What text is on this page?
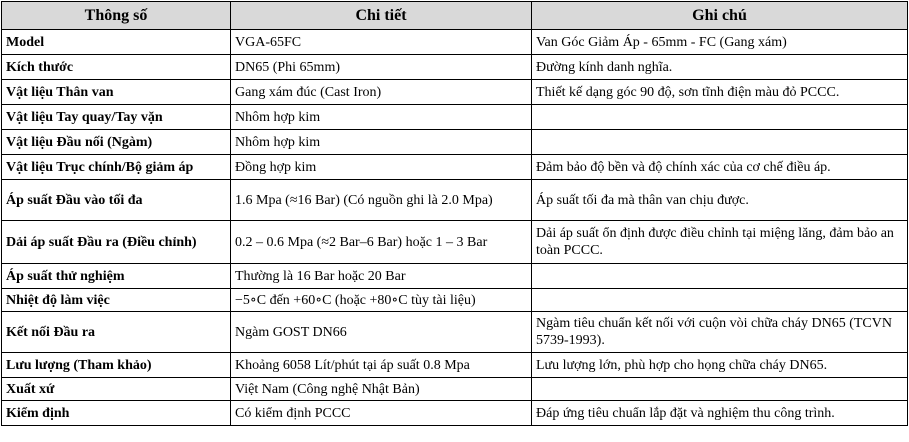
Thông số	Chi tiết	Ghi chú
Model	VGA-65FC	Van Góc Giảm Áp - 65mm - FC (Gang xám)
Kích thước	DN65 (Phi 65mm)	Đường kính danh nghĩa.
Vật liệu Thân van	Gang xám đúc (Cast Iron)	Thiết kế dạng góc 90 độ, sơn tĩnh điện màu đỏ PCCC.
Vật liệu Tay quay/Tay vặn	Nhôm hợp kim	
Vật liệu Đầu nối (Ngàm)	Nhôm hợp kim	
Vật liệu Trục chính/Bộ giảm áp	Đồng hợp kim	Đảm bảo độ bền và độ chính xác của cơ chế điều áp.
Áp suất Đầu vào tối đa	1.6 Mpa (≈16 Bar) (Có nguồn ghi là 2.0 Mpa)	Áp suất tối đa mà thân van chịu được.
Dải áp suất Đầu ra (Điều chỉnh)	0.2 – 0.6 Mpa (≈2 Bar–6 Bar) hoặc 1 – 3 Bar	Dải áp suất ổn định được điều chỉnh tại miệng lăng, đảm bảo an toàn PCCC.
Áp suất thử nghiệm	Thường là 16 Bar hoặc 20 Bar	
Nhiệt độ làm việc	−5∘C đến +60∘C (hoặc +80∘C tùy tài liệu)	
Kết nối Đầu ra	Ngàm GOST DN66	Ngàm tiêu chuẩn kết nối với cuộn vòi chữa cháy DN65 (TCVN 5739-1993).
Lưu lượng (Tham khảo)	Khoảng 6058 Lít/phút tại áp suất 0.8 Mpa	Lưu lượng lớn, phù hợp cho họng chữa cháy DN65.
Xuất xứ	Việt Nam (Công nghệ Nhật Bản)	
Kiểm định	Có kiểm định PCCC	Đáp ứng tiêu chuẩn lắp đặt và nghiệm thu công trình.
